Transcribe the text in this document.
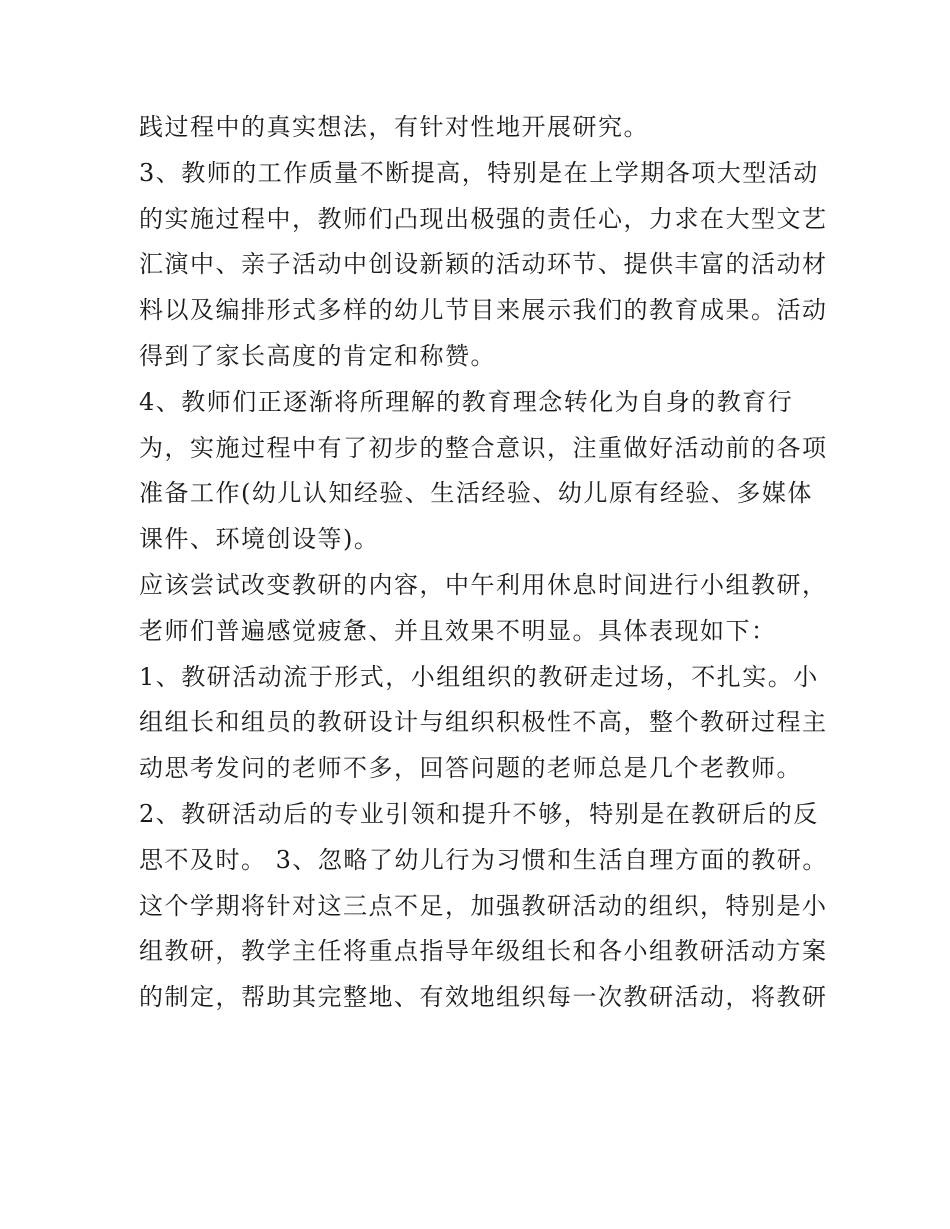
践过程中的真实想法，有针对性地开展研究。
3、教师的工作质量不断提高，特别是在上学期各项大型活动
的实施过程中，教师们凸现出极强的责任心，力求在大型文艺
汇演中、亲子活动中创设新颖的活动环节、提供丰富的活动材
料以及编排形式多样的幼儿节目来展示我们的教育成果。活动
得到了家长高度的肯定和称赞。
4、教师们正逐渐将所理解的教育理念转化为自身的教育行
为，实施过程中有了初步的整合意识，注重做好活动前的各项
准备工作(幼儿认知经验、生活经验、幼儿原有经验、多媒体
课件、环境创设等)。
应该尝试改变教研的内容，中午利用休息时间进行小组教研，
老师们普遍感觉疲惫、并且效果不明显。具体表现如下：
1、教研活动流于形式，小组组织的教研走过场，不扎实。小
组组长和组员的教研设计与组织积极性不高，整个教研过程主
动思考发问的老师不多，回答问题的老师总是几个老教师。
2、教研活动后的专业引领和提升不够，特别是在教研后的反
思不及时。 3、忽略了幼儿行为习惯和生活自理方面的教研。
这个学期将针对这三点不足，加强教研活动的组织，特别是小
组教研，教学主任将重点指导年级组长和各小组教研活动方案
的制定，帮助其完整地、有效地组织每一次教研活动，将教研
